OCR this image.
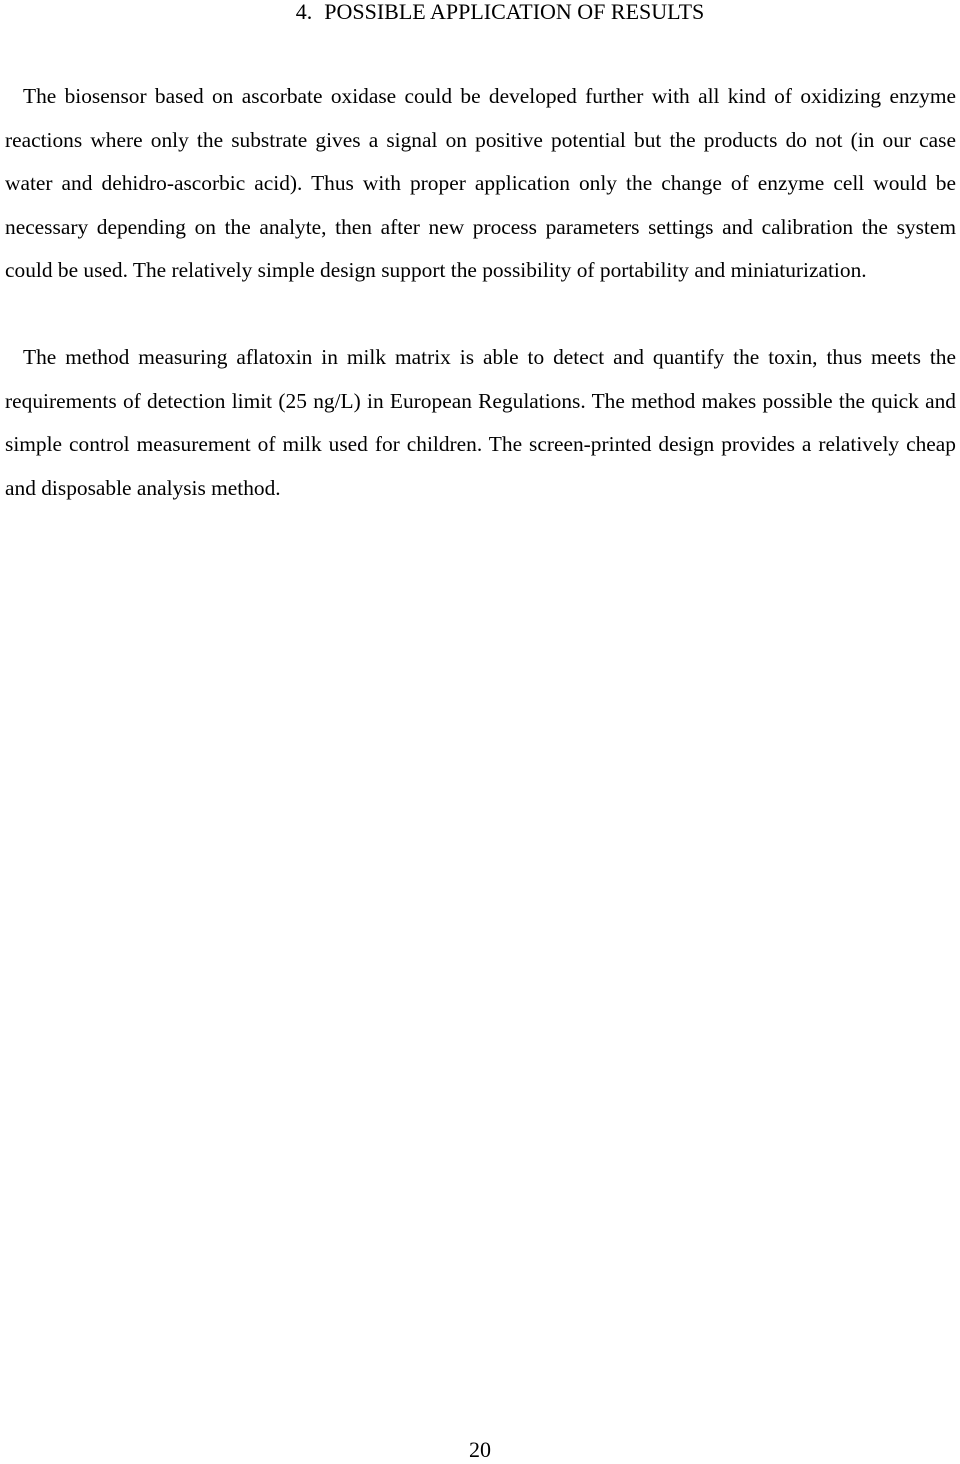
4. POSSIBLE APPLICATION OF RESULTS

The biosensor based on ascorbate oxidase could be developed further with all kind of oxidizing enzyme reactions where only the substrate gives a signal on positive potential but the products do not (in our case water and dehidro-ascorbic acid). Thus with proper application only the change of enzyme cell would be necessary depending on the analyte, then after new process parameters settings and calibration the system could be used. The relatively simple design support the possibility of portability and miniaturization.

The method measuring aflatoxin in milk matrix is able to detect and quantify the toxin, thus meets the requirements of detection limit (25 ng/L) in European Regulations. The method makes possible the quick and simple control measurement of milk used for children. The screen-printed design provides a relatively cheap and disposable analysis method.

20
